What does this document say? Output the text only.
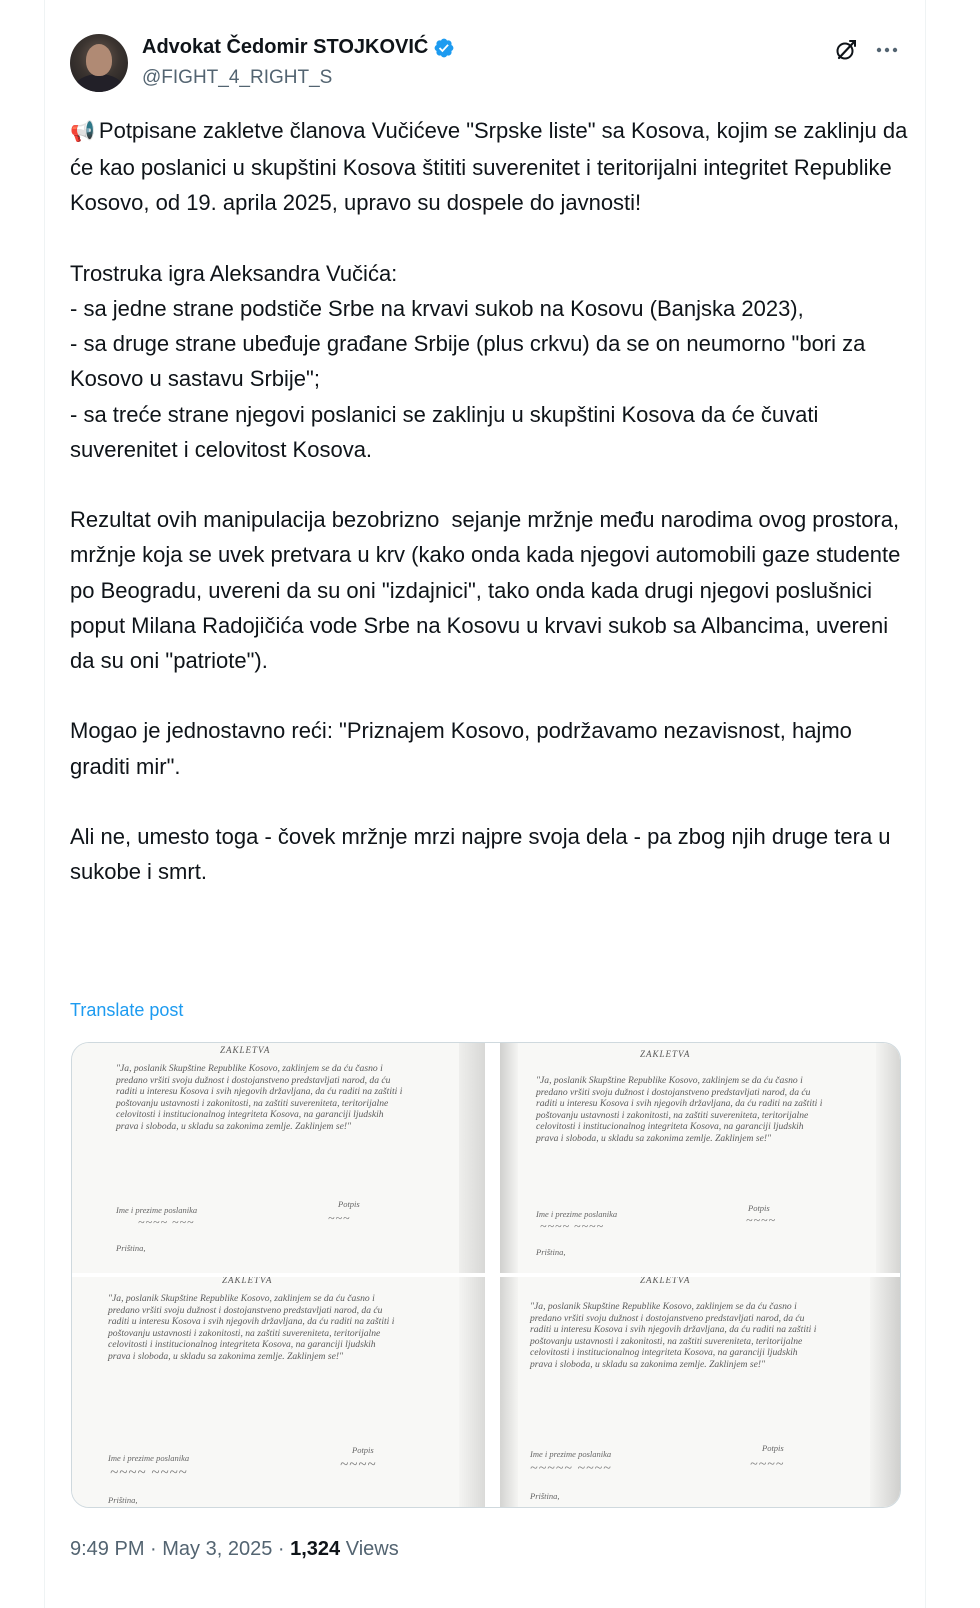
Advokat Čedomir STOJKOVIĆ
@FIGHT_4_RIGHT_S
📢 Potpisane zakletve članova Vučićeve "Srpske liste" sa Kosova, kojim se zaklinju da će kao poslanici u skupštini Kosova štititi suverenitet i teritorijalni integritet Republike Kosovo, od 19. aprila 2025, upravo su dospele do javnosti!

Trostruka igra Aleksandra Vučića:
- sa jedne strane podstiče Srbe na krvavi sukob na Kosovu (Banjska 2023),
- sa druge strane ubeđuje građane Srbije (plus crkvu) da se on neumorno "bori za Kosovo u sastavu Srbije";
- sa treće strane njegovi poslanici se zaklinju u skupštini Kosova da će čuvati suverenitet i celovitost Kosova.

Rezultat ovih manipulacija bezobrizno  sejanje mržnje među narodima ovog prostora, mržnje koja se uvek pretvara u krv (kako onda kada njegovi automobili gaze studente po Beogradu, uvereni da su oni "izdajnici", tako onda kada drugi njegovi poslušnici poput Milana Radojičića vode Srbe na Kosovu u krvavi sukob sa Albancima, uvereni da su oni "patriote").

Mogao je jednostavno reći: "Priznajem Kosovo, podržavamo nezavisnost, hajmo graditi mir".

Ali ne, umesto toga - čovek mržnje mrzi najpre svoja dela - pa zbog njih druge tera u sukobe i smrt.
Translate post
ZAKLETVA
"Ja, poslanik Skupštine Republike Kosovo, zaklinjem se da ću časno i predano vršiti svoju dužnost i dostojanstveno predstavljati narod, da ću raditi u interesu Kosova i svih njegovih državljana, da ću raditi na zaštiti i poštovanju ustavnosti i zakonitosti, na zaštiti suvereniteta, teritorijalne celovitosti i institucionalnog integriteta Kosova, na garanciji ljudskih prava i sloboda, u skladu sa zakonima zemlje. Zaklinjem se!"
Ime i prezime poslanika
Potpis
~~~~ ~~~	~~~
Priština,
ZAKLETVA
"Ja, poslanik Skupštine Republike Kosovo, zaklinjem se da ću časno i predano vršiti svoju dužnost i dostojanstveno predstavljati narod, da ću raditi u interesu Kosova i svih njegovih državljana, da ću raditi na zaštiti i poštovanju ustavnosti i zakonitosti, na zaštiti suvereniteta, teritorijalne celovitosti i institucionalnog integriteta Kosova, na garanciji ljudskih prava i sloboda, u skladu sa zakonima zemlje. Zaklinjem se!"
Ime i prezime poslanika
Potpis
~~~~ ~~~~	~~~~
Priština,
ZAKLETVA
"Ja, poslanik Skupštine Republike Kosovo, zaklinjem se da ću časno i predano vršiti svoju dužnost i dostojanstveno predstavljati narod, da ću raditi u interesu Kosova i svih njegovih državljana, da ću raditi na zaštiti i poštovanju ustavnosti i zakonitosti, na zaštiti suvereniteta, teritorijalne celovitosti i institucionalnog integriteta Kosova, na garanciji ljudskih prava i sloboda, u skladu sa zakonima zemlje. Zaklinjem se!"
Ime i prezime poslanika
Potpis
~~~~ ~~~~	~~~~
Priština,
ZAKLETVA
"Ja, poslanik Skupštine Republike Kosovo, zaklinjem se da ću časno i predano vršiti svoju dužnost i dostojanstveno predstavljati narod, da ću raditi u interesu Kosova i svih njegovih državljana, da ću raditi na zaštiti i poštovanju ustavnosti i zakonitosti, na zaštiti suvereniteta, teritorijalne celovitosti i institucionalnog integriteta Kosova, na garanciji ljudskih prava i sloboda, u skladu sa zakonima zemlje. Zaklinjem se!"
Ime i prezime poslanika
Potpis
~~~~~ ~~~~	~~~~
Priština,
9:49 PM · May 3, 2025 · 1,324 Views
